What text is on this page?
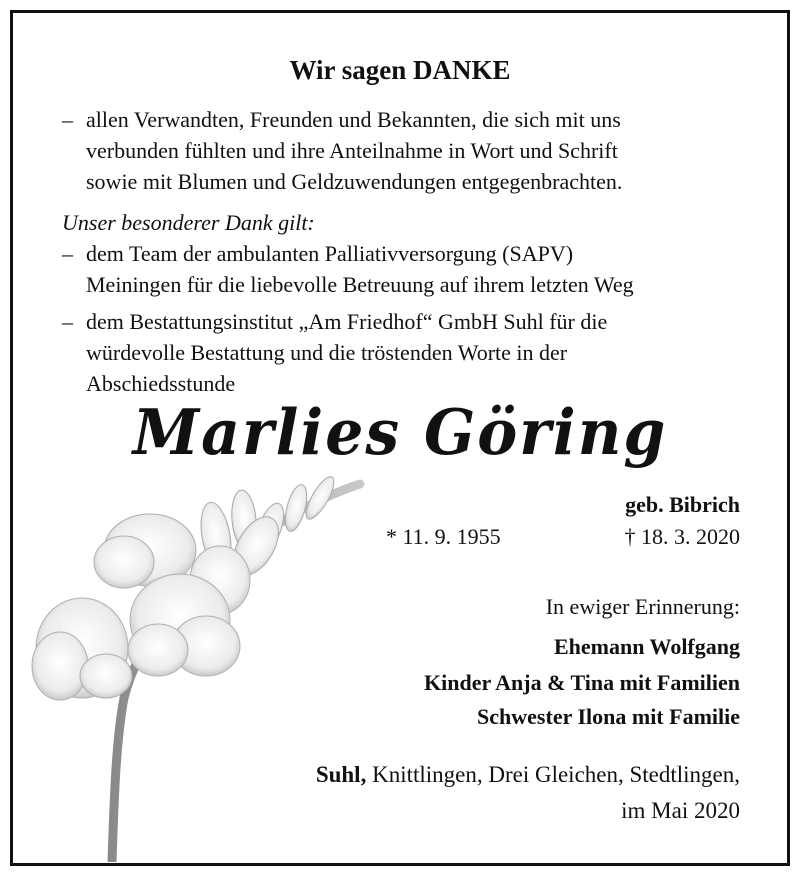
Wir sagen DANKE
– allen Verwandten, Freunden und Bekannten, die sich mit uns
verbunden fühlten und ihre Anteilnahme in Wort und Schrift
sowie mit Blumen und Geldzuwendungen entgegenbrachten.
Unser besonderer Dank gilt:
– dem Team der ambulanten Palliativversorgung (SAPV)
Meiningen für die liebevolle Betreuung auf ihrem letzten Weg
– dem Bestattungsinstitut „Am Friedhof“ GmbH Suhl für die
würdevolle Bestattung und die tröstenden Worte in der
Abschiedsstunde
Marlies Göring
geb. Bibrich
* 11. 9. 1955	† 18. 3. 2020
In ewiger Erinnerung:
Ehemann Wolfgang
Kinder Anja & Tina mit Familien
Schwester Ilona mit Familie
Suhl, Knittlingen, Drei Gleichen, Stedtlingen,
im Mai 2020
